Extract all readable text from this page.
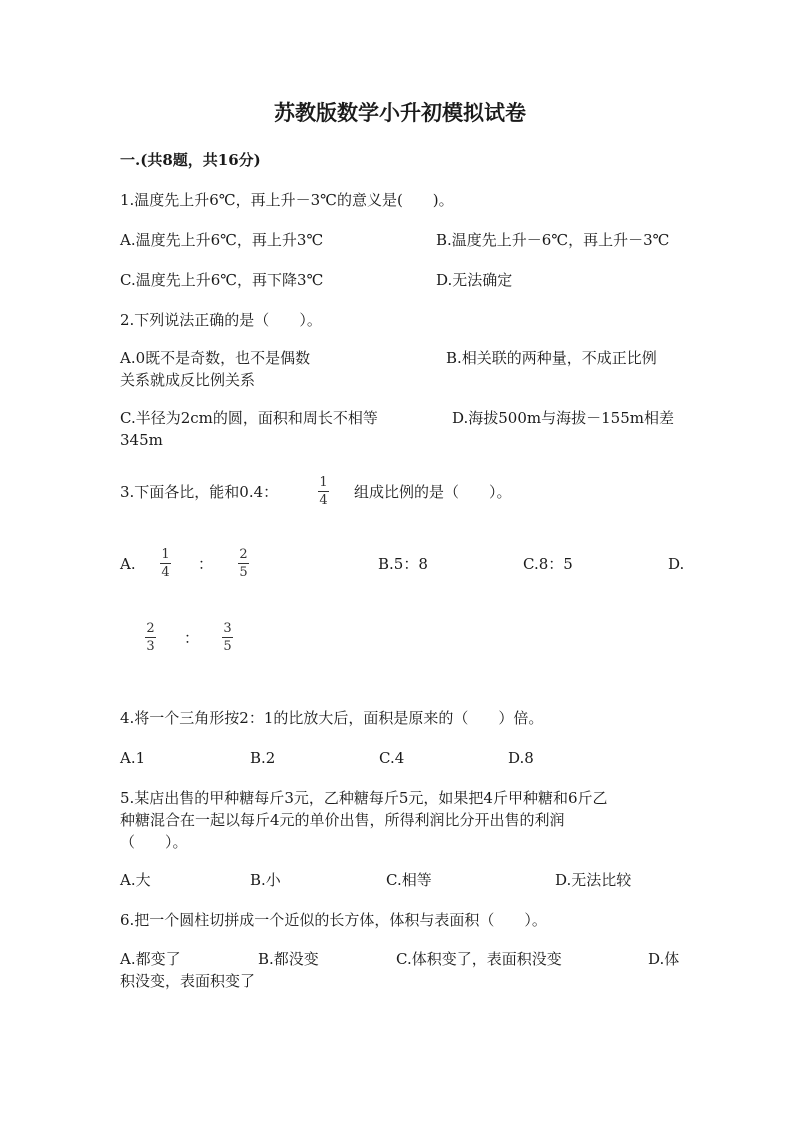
苏教版数学小升初模拟试卷
一.(共8题，共16分)
1.温度先上升6℃，再上升－3℃的意义是(　　)。
A.温度先上升6℃，再上升3℃	B.温度先上升－6℃，再上升－3℃
C.温度先上升6℃，再下降3℃	D.无法确定
2.下列说法正确的是（　　）。
A.0既不是奇数，也不是偶数	B.相关联的两种量，不成正比例
关系就成反比例关系
C.半径为2cm的圆，面积和周长不相等	D.海拔500m与海拔－155m相差
345m
3.下面各比，能和0.4：
1
4 组成比例的是（　　）。
A.
1
4 ：
2
5	B.5：8	C.8：5	D.
2
3 ：
3
5
4.将一个三角形按2：1的比放大后，面积是原来的（　　）倍。
A.1	B.2	C.4	D.8
5.某店出售的甲种糖每斤3元，乙种糖每斤5元，如果把4斤甲种糖和6斤乙
种糖混合在一起以每斤4元的单价出售，所得利润比分开出售的利润
（　　）。
A.大	B.小	C.相等	D.无法比较
6.把一个圆柱切拼成一个近似的长方体，体积与表面积（　　）。
A.都变了	B.都没变	C.体积变了，表面积没变	D.体
积没变，表面积变了
